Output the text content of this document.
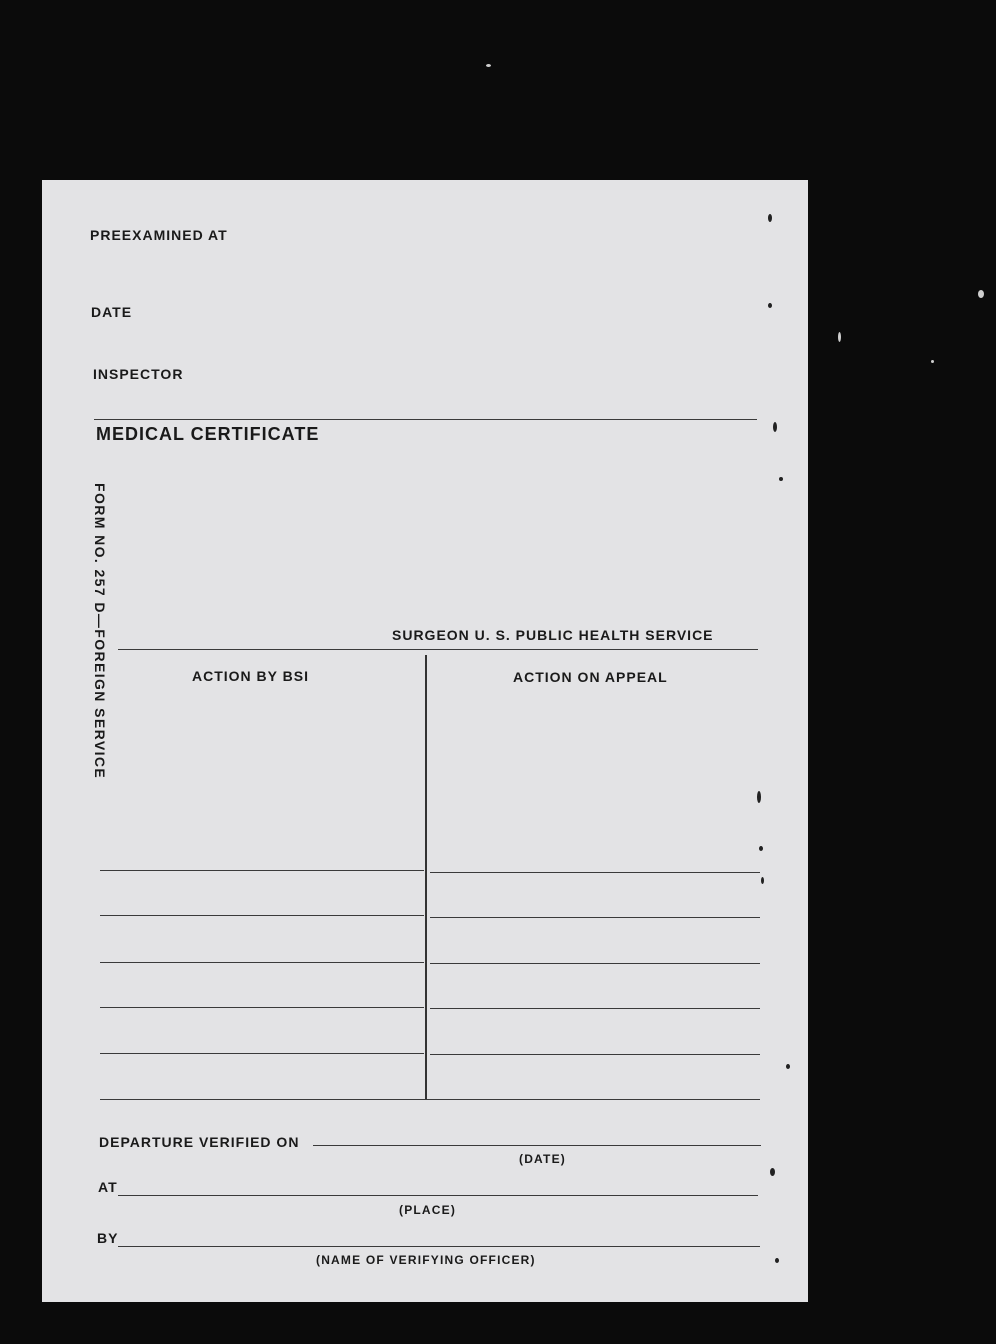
PREEXAMINED AT
DATE
INSPECTOR
MEDICAL CERTIFICATE
FORM NO. 257 D—FOREIGN SERVICE	SURGEON U. S. PUBLIC HEALTH SERVICE
ACTION BY BSI	ACTION ON APPEAL
DEPARTURE VERIFIED ON
(DATE)
AT
(PLACE)
BY
(NAME OF VERIFYING OFFICER)
